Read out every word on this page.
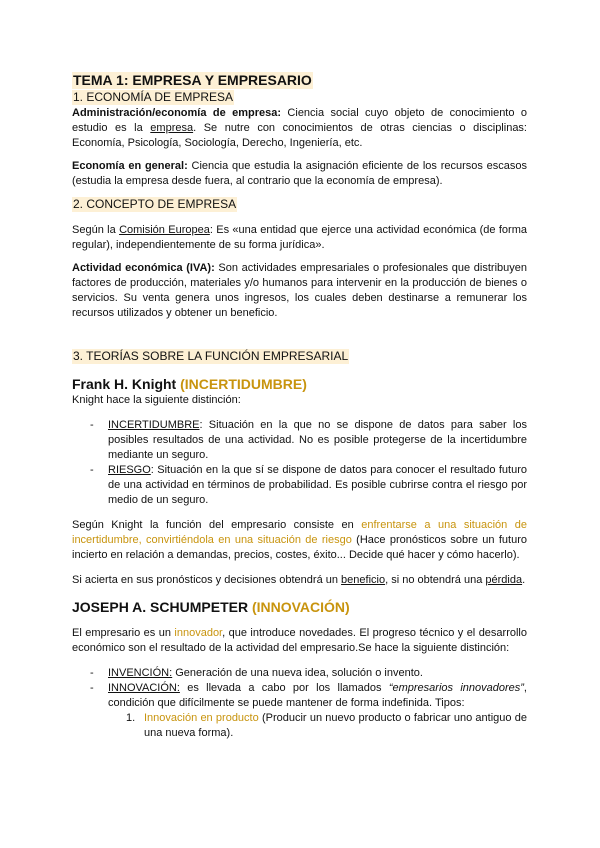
TEMA 1: EMPRESA Y EMPRESARIO
1. ECONOMÍA DE EMPRESA
Administración/economía de empresa: Ciencia social cuyo objeto de conocimiento o estudio es la empresa. Se nutre con conocimientos de otras ciencias o disciplinas: Economía, Psicología, Sociología, Derecho, Ingeniería, etc.
Economía en general: Ciencia que estudia la asignación eficiente de los recursos escasos (estudia la empresa desde fuera, al contrario que la economía de empresa).
2. CONCEPTO DE EMPRESA
Según la Comisión Europea: Es «una entidad que ejerce una actividad económica (de forma regular), independientemente de su forma jurídica».
Actividad económica (IVA): Son actividades empresariales o profesionales que distribuyen factores de producción, materiales y/o humanos para intervenir en la producción de bienes o servicios. Su venta genera unos ingresos, los cuales deben destinarse a remunerar los recursos utilizados y obtener un beneficio.
3. TEORÍAS SOBRE LA FUNCIÓN EMPRESARIAL
Frank H. Knight (INCERTIDUMBRE)
Knight hace la siguiente distinción:
- INCERTIDUMBRE: Situación en la que no se dispone de datos para saber los posibles resultados de una actividad. No es posible protegerse de la incertidumbre mediante un seguro.
- RIESGO: Situación en la que sí se dispone de datos para conocer el resultado futuro de una actividad en términos de probabilidad. Es posible cubrirse contra el riesgo por medio de un seguro.
Según Knight la función del empresario consiste en enfrentarse a una situación de incertidumbre, convirtiéndola en una situación de riesgo (Hace pronósticos sobre un futuro incierto en relación a demandas, precios, costes, éxito... Decide qué hacer y cómo hacerlo).
Si acierta en sus pronósticos y decisiones obtendrá un beneficio, si no obtendrá una pérdida.
JOSEPH A. SCHUMPETER (INNOVACIÓN)
El empresario es un innovador, que introduce novedades. El progreso técnico y el desarrollo económico son el resultado de la actividad del empresario.Se hace la siguiente distinción:
- INVENCIÓN: Generación de una nueva idea, solución o invento.
- INNOVACIÓN: es llevada a cabo por los llamados “empresarios innovadores”, condición que difícilmente se puede mantener de forma indefinida. Tipos:
1. Innovación en producto (Producir un nuevo producto o fabricar uno antiguo de una nueva forma).
